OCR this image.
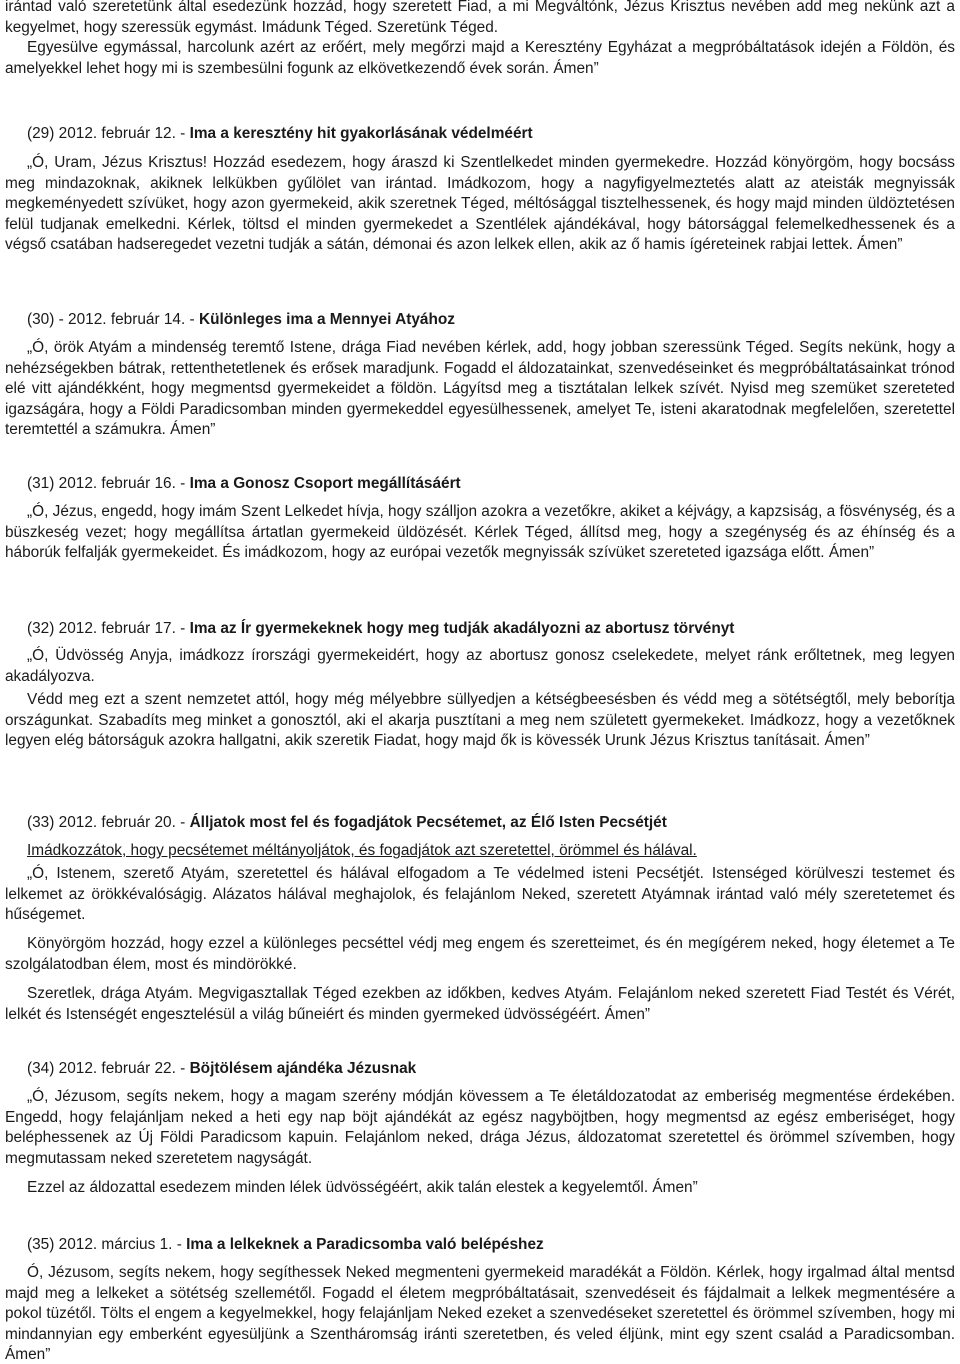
irántad való szeretetünk által esedezünk hozzád, hogy szeretett Fiad, a mi Megváltónk, Jézus Krisztus nevében add meg nekünk azt a kegyelmet, hogy szeressük egymást. Imádunk Téged. Szeretünk Téged.

Egyesülve egymással, harcolunk azért az erőért, mely megőrzi majd a Keresztény Egyházat a megpróbáltatások idején a Földön, és amelyekkel lehet hogy mi is szembesülni fogunk az elkövetkezendő évek során. Ámen”

(29) 2012. február 12. - Ima a keresztény hit gyakorlásának védelméért

„Ó, Uram, Jézus Krisztus! Hozzád esedezem, hogy áraszd ki Szentlelkedet minden gyermekedre. Hozzád könyörgöm, hogy bocsáss meg mindazoknak, akiknek lelkükben gyűlölet van irántad. Imádkozom, hogy a nagyfigyelmeztetés alatt az ateisták megnyissák megkeményedett szívüket, hogy azon gyermekeid, akik szeretnek Téged, méltósággal tisztelhessenek, és hogy majd minden üldöztetésen felül tudjanak emelkedni. Kérlek, töltsd el minden gyermekedet a Szentlélek ajándékával, hogy bátorsággal felemelkedhessenek és a végső csatában hadseregedet vezetni tudják a sátán, démonai és azon lelkek ellen, akik az ő hamis ígéreteinek rabjai lettek. Ámen”

(30) - 2012. február 14. - Különleges ima a Mennyei Atyához

„Ó, örök Atyám a mindenség teremtő Istene, drága Fiad nevében kérlek, add, hogy jobban szeressünk Téged. Segíts nekünk, hogy a nehézségekben bátrak, rettenthetetlenek és erősek maradjunk. Fogadd el áldozatainkat, szenvedéseinket és megpróbáltatásainkat trónod elé vitt ajándékként, hogy megmentsd gyermekeidet a földön. Lágyítsd meg a tisztátalan lelkek szívét. Nyisd meg szemüket szereteted igazságára, hogy a Földi Paradicsomban minden gyermekeddel egyesülhessenek, amelyet Te, isteni akaratodnak megfelelően, szeretettel teremtettél a számukra. Ámen”

(31) 2012. február 16. - Ima a Gonosz Csoport megállításáért

„Ó, Jézus, engedd, hogy imám Szent Lelkedet hívja, hogy szálljon azokra a vezetőkre, akiket a kéjvágy, a kapzsiság, a fösvénység, és a büszkeség vezet; hogy megállítsa ártatlan gyermekeid üldözését. Kérlek Téged, állítsd meg, hogy a szegénység és az éhínség és a háborúk felfalják gyermekeidet. És imádkozom, hogy az európai vezetők megnyissák szívüket szereteted igazsága előtt. Ámen”

(32) 2012. február 17. - Ima az Ír gyermekeknek hogy meg tudják akadályozni az abortusz törvényt

„Ó, Üdvösség Anyja, imádkozz írországi gyermekeidért, hogy az abortusz gonosz cselekedete, melyet ránk erőltetnek, meg legyen akadályozva.

Védd meg ezt a szent nemzetet attól, hogy még mélyebbre süllyedjen a kétségbeesésben és védd meg a sötétségtől, mely beborítja országunkat. Szabadíts meg minket a gonosztól, aki el akarja pusztítani a meg nem született gyermekeket. Imádkozz, hogy a vezetőknek legyen elég bátorságuk azokra hallgatni, akik szeretik Fiadat, hogy majd ők is kövessék Urunk Jézus Krisztus tanításait. Ámen”

(33) 2012. február 20. - Álljatok most fel és fogadjátok Pecsétemet, az Élő Isten Pecsétjét
Imádkozzátok, hogy pecsétemet méltányoljátok, és fogadjátok azt szeretettel, örömmel és hálával.

„Ó, Istenem, szerető Atyám, szeretettel és hálával elfogadom a Te védelmed isteni Pecsétjét. Istenséged körülveszi testemet és lelkemet az örökkévalóságig. Alázatos hálával meghajolok, és felajánlom Neked, szeretett Atyámnak irántad való mély szeretetemet és hűségemet.

Könyörgöm hozzád, hogy ezzel a különleges pecséttel védj meg engem és szeretteimet, és én megígérem neked, hogy életemet a Te szolgálatodban élem, most és mindörökké.

Szeretlek, drága Atyám. Megvigasztallak Téged ezekben az időkben, kedves Atyám. Felajánlom neked szeretett Fiad Testét és Vérét, lelkét és Istenségét engesztelésül a világ bűneiért és minden gyermeked üdvösségéért. Ámen”

(34) 2012. február 22. - Böjtölésem ajándéka Jézusnak

„Ó, Jézusom, segíts nekem, hogy a magam szerény módján kövessem a Te életáldozatodat az emberiség megmentése érdekében. Engedd, hogy felajánljam neked a heti egy nap böjt ajándékát az egész nagyböjtben, hogy megmentsd az egész emberiséget, hogy beléphessenek az Új Földi Paradicsom kapuin. Felajánlom neked, drága Jézus, áldozatomat szeretettel és örömmel szívemben, hogy megmutassam neked szeretetem nagyságát.

Ezzel az áldozattal esedezem minden lélek üdvösségéért, akik talán elestek a kegyelemtől. Ámen”

(35) 2012. március 1. - Ima a lelkeknek a Paradicsomba való belépéshez

Ó, Jézusom, segíts nekem, hogy segíthessek Neked megmenteni gyermekeid maradékát a Földön. Kérlek, hogy irgalmad által mentsd majd meg a lelkeket a sötétség szellemétől. Fogadd el életem megpróbáltatásait, szenvedéseit és fájdalmait a lelkek megmentésére a pokol tüzétől. Tölts el engem a kegyelmekkel, hogy felajánljam Neked ezeket a szenvedéseket szeretettel és örömmel szívemben, hogy mi mindannyian egy emberként egyesüljünk a Szentháromság iránti szeretetben, és veled éljünk, mint egy szent család a Paradicsomban. Ámen”
